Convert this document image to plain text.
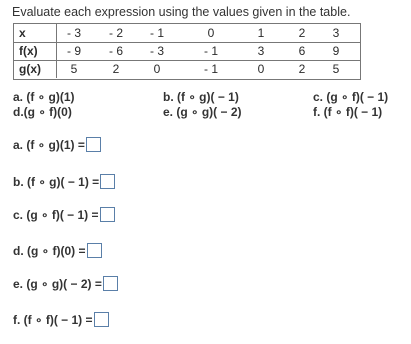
Evaluate each expression using the values given in the table.
x	- 3	- 2	- 1	0	1	2	3
f(x)	- 9	- 6	- 3	- 1	3	6	9
g(x)	5	2	0	- 1	0	2	5
a. (f ∘ g)(1)	b. (f ∘ g)( − 1)	c. (g ∘ f)( − 1)
d.(g ∘ f)(0)	e. (g ∘ g)( − 2)	f. (f ∘ f)( − 1)
a. (f ∘ g)(1) =
b. (f ∘ g)( − 1) =
c. (g ∘ f)( − 1) =
d. (g ∘ f)(0) =
e. (g ∘ g)( − 2) =
f. (f ∘ f)( − 1) =
